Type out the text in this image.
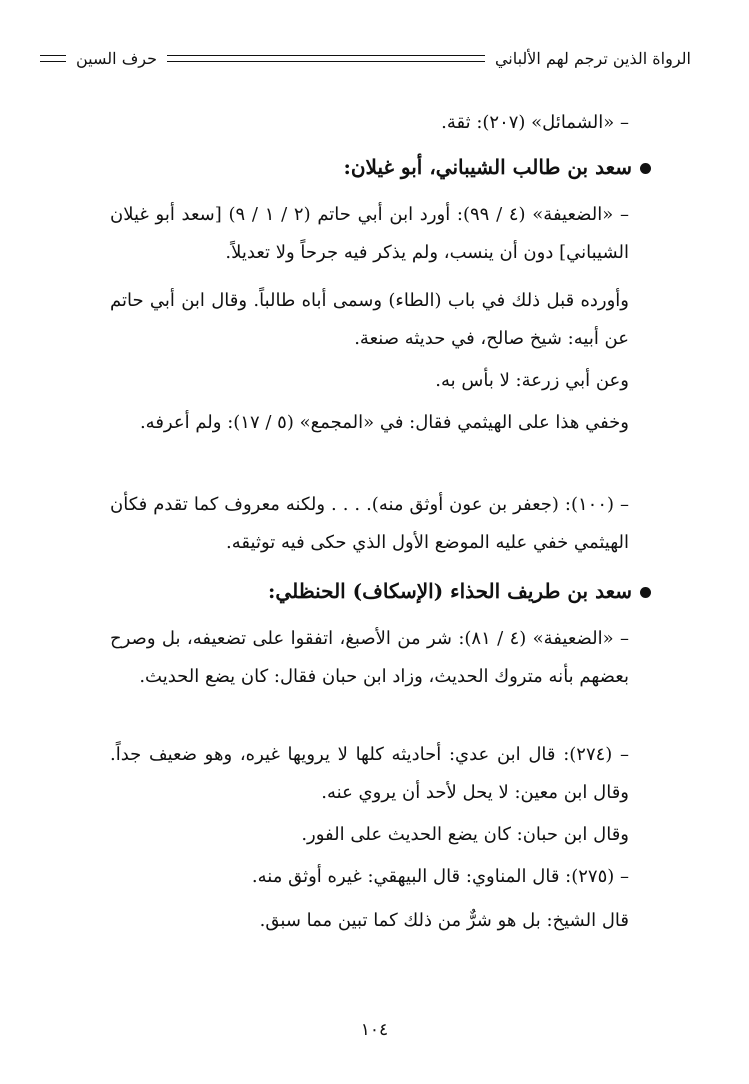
الرواة الذين ترجم لهم الألباني
حرف السين
– «الشمائل» (٢٠٧): ثقة.
سعد بن طالب الشيباني، أبو غيلان:
– «الضعيفة» (٤ / ٩٩): أورد ابن أبي حاتم (٢ / ١ / ٩) [سعد أبو غيلان الشيباني] دون أن ينسب، ولم يذكر فيه جرحاً ولا تعديلاً.
وأورده قبل ذلك في باب (الطاء) وسمى أباه طالباً. وقال ابن أبي حاتم عن أبيه: شيخ صالح، في حديثه صنعة.
وعن أبي زرعة: لا بأس به.
وخفي هذا على الهيثمي فقال: في «المجمع» (٥ / ١٧): ولم أعرفه.
– (١٠٠): (جعفر بن عون أوثق منه). . . . ولكنه معروف كما تقدم فكأن الهيثمي خفي عليه الموضع الأول الذي حكى فيه توثيقه.
سعد بن طريف الحذاء (الإسكاف) الحنظلي:
– «الضعيفة» (٤ / ٨١): شر من الأصبغ، اتفقوا على تضعيفه، بل وصرح بعضهم بأنه متروك الحديث، وزاد ابن حبان فقال: كان يضع الحديث.
– (٢٧٤): قال ابن عدي: أحاديثه كلها لا يرويها غيره، وهو ضعيف جداً. وقال ابن معين: لا يحل لأحد أن يروي عنه.
وقال ابن حبان: كان يضع الحديث على الفور.
– (٢٧٥): قال المناوي: قال البيهقي: غيره أوثق منه.
قال الشيخ: بل هو شرٌّ من ذلك كما تبين مما سبق.
١٠٤
